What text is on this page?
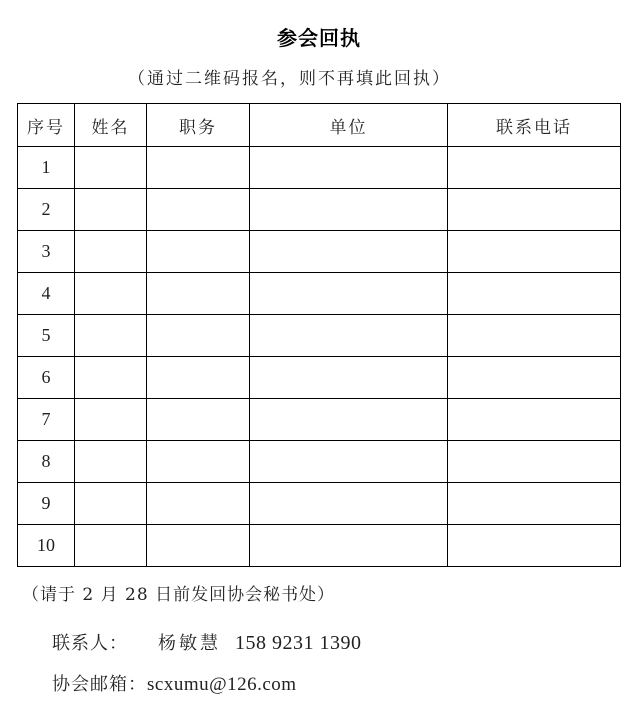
参会回执
（通过二维码报名，则不再填此回执）
序号	姓名	职务	单位	联系电话
1				
2				
3				
4				
5				
6				
7				
8				
9				
10				
（请于 2 月 28 日前发回协会秘书处）
联系人： 杨敏慧 158 9231 1390
协会邮箱：scxumu@126.com
